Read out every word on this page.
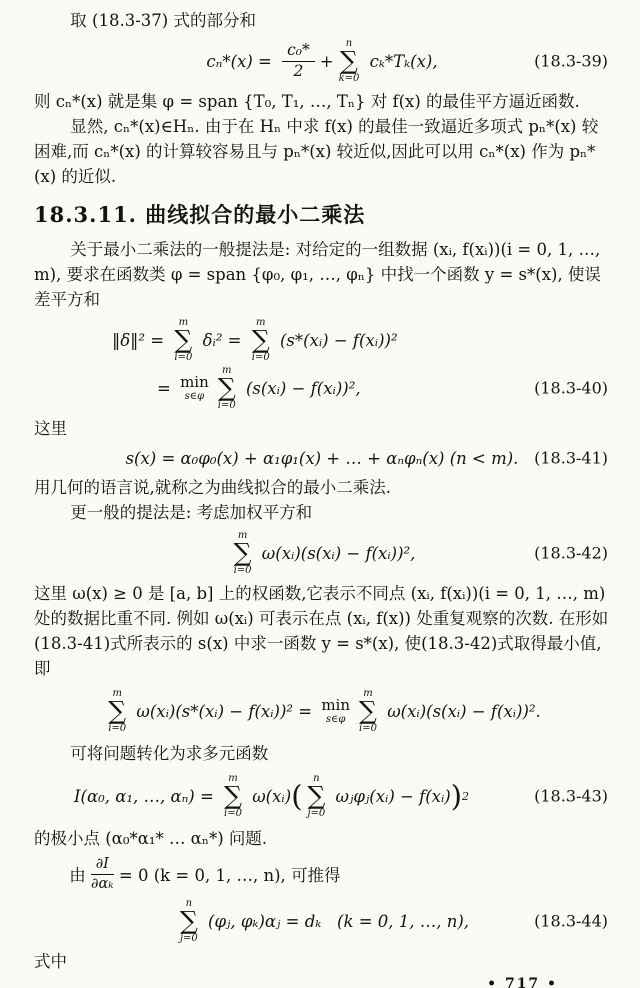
取 (18.3-37) 式的部分和

$c_n*(x) = \frac{\text{c₀*}}{2}$ +
n
∑
k=0
cₖ*Tₖ(x),	(18.3-39)

则 cₙ*(x) 就是集 φ = span {T₀, T₁, …, Tₙ} 对 f(x) 的最佳平方逼近函数.

显然, cₙ*(x)∈Hₙ. 由于在 Hₙ 中求 f(x) 的最佳一致逼近多项式 pₙ*(x) 较困难,而 cₙ*(x) 的计算较容易且与 pₙ*(x) 较近似,因此可以用 cₙ*(x) 作为 pₙ*(x) 的近似.

18.3.11. 曲线拟合的最小二乘法

关于最小二乘法的一般提法是: 对给定的一组数据 (xᵢ, f(xᵢ))(i = 0, 1, …, m), 要求在函数类 φ = span {φ₀, φ₁, …, φₙ} 中找一个函数 y = s*(x), 使误差平方和

‖δ‖² =
m
∑
i=0
δᵢ² =
m
∑
i=0
(s*(xᵢ) − f(xᵢ))²
= min
s∈φ
m
∑
i=0
(s(xᵢ) − f(xᵢ))²,	(18.3-40)

这里

s(x) = α₀φ₀(x) + α₁φ₁(x) + … + αₙφₙ(x) (n < m). (18.3-41)

用几何的语言说,就称之为曲线拟合的最小二乘法.

更一般的提法是: 考虑加权平方和

m
∑
i=0
ω(xᵢ)(s(xᵢ) − f(xᵢ))²,	(18.3-42)

这里 ω(x) ≥ 0 是 [a, b] 上的权函数,它表示不同点 (xᵢ, f(xᵢ))(i = 0, 1, …, m) 处的数据比重不同. 例如 ω(xᵢ) 可表示在点 (xᵢ, f(x)) 处重复观察的次数. 在形如(18.3-41)式所表示的 s(x) 中求一函数 y = s*(x), 使(18.3-42)式取得最小值,即

m
∑
i=0
ω(xᵢ)(s*(xᵢ) − f(xᵢ))² = min
s∈φ
m
∑
i=0
ω(xᵢ)(s(xᵢ) − f(xᵢ))².

可将问题转化为求多元函数

I(α₀, α₁, …, αₙ) =
m
∑
i=0
ω(xᵢ) (
n
∑
j=0
ωⱼφⱼ(xᵢ) − f(xᵢ) ) 2	(18.3-43)

的极小点 (α₀*α₁* … αₙ*) 问题.

由 $\frac{\partial I}{\text{∂αₖ}} = 0$ (k = 0, 1, …, n), 可推得
n
∑
j=0
(φⱼ, φₖ)αⱼ = dₖ   (k = 0, 1, …, n),	(18.3-44)

式中

• 717 •
